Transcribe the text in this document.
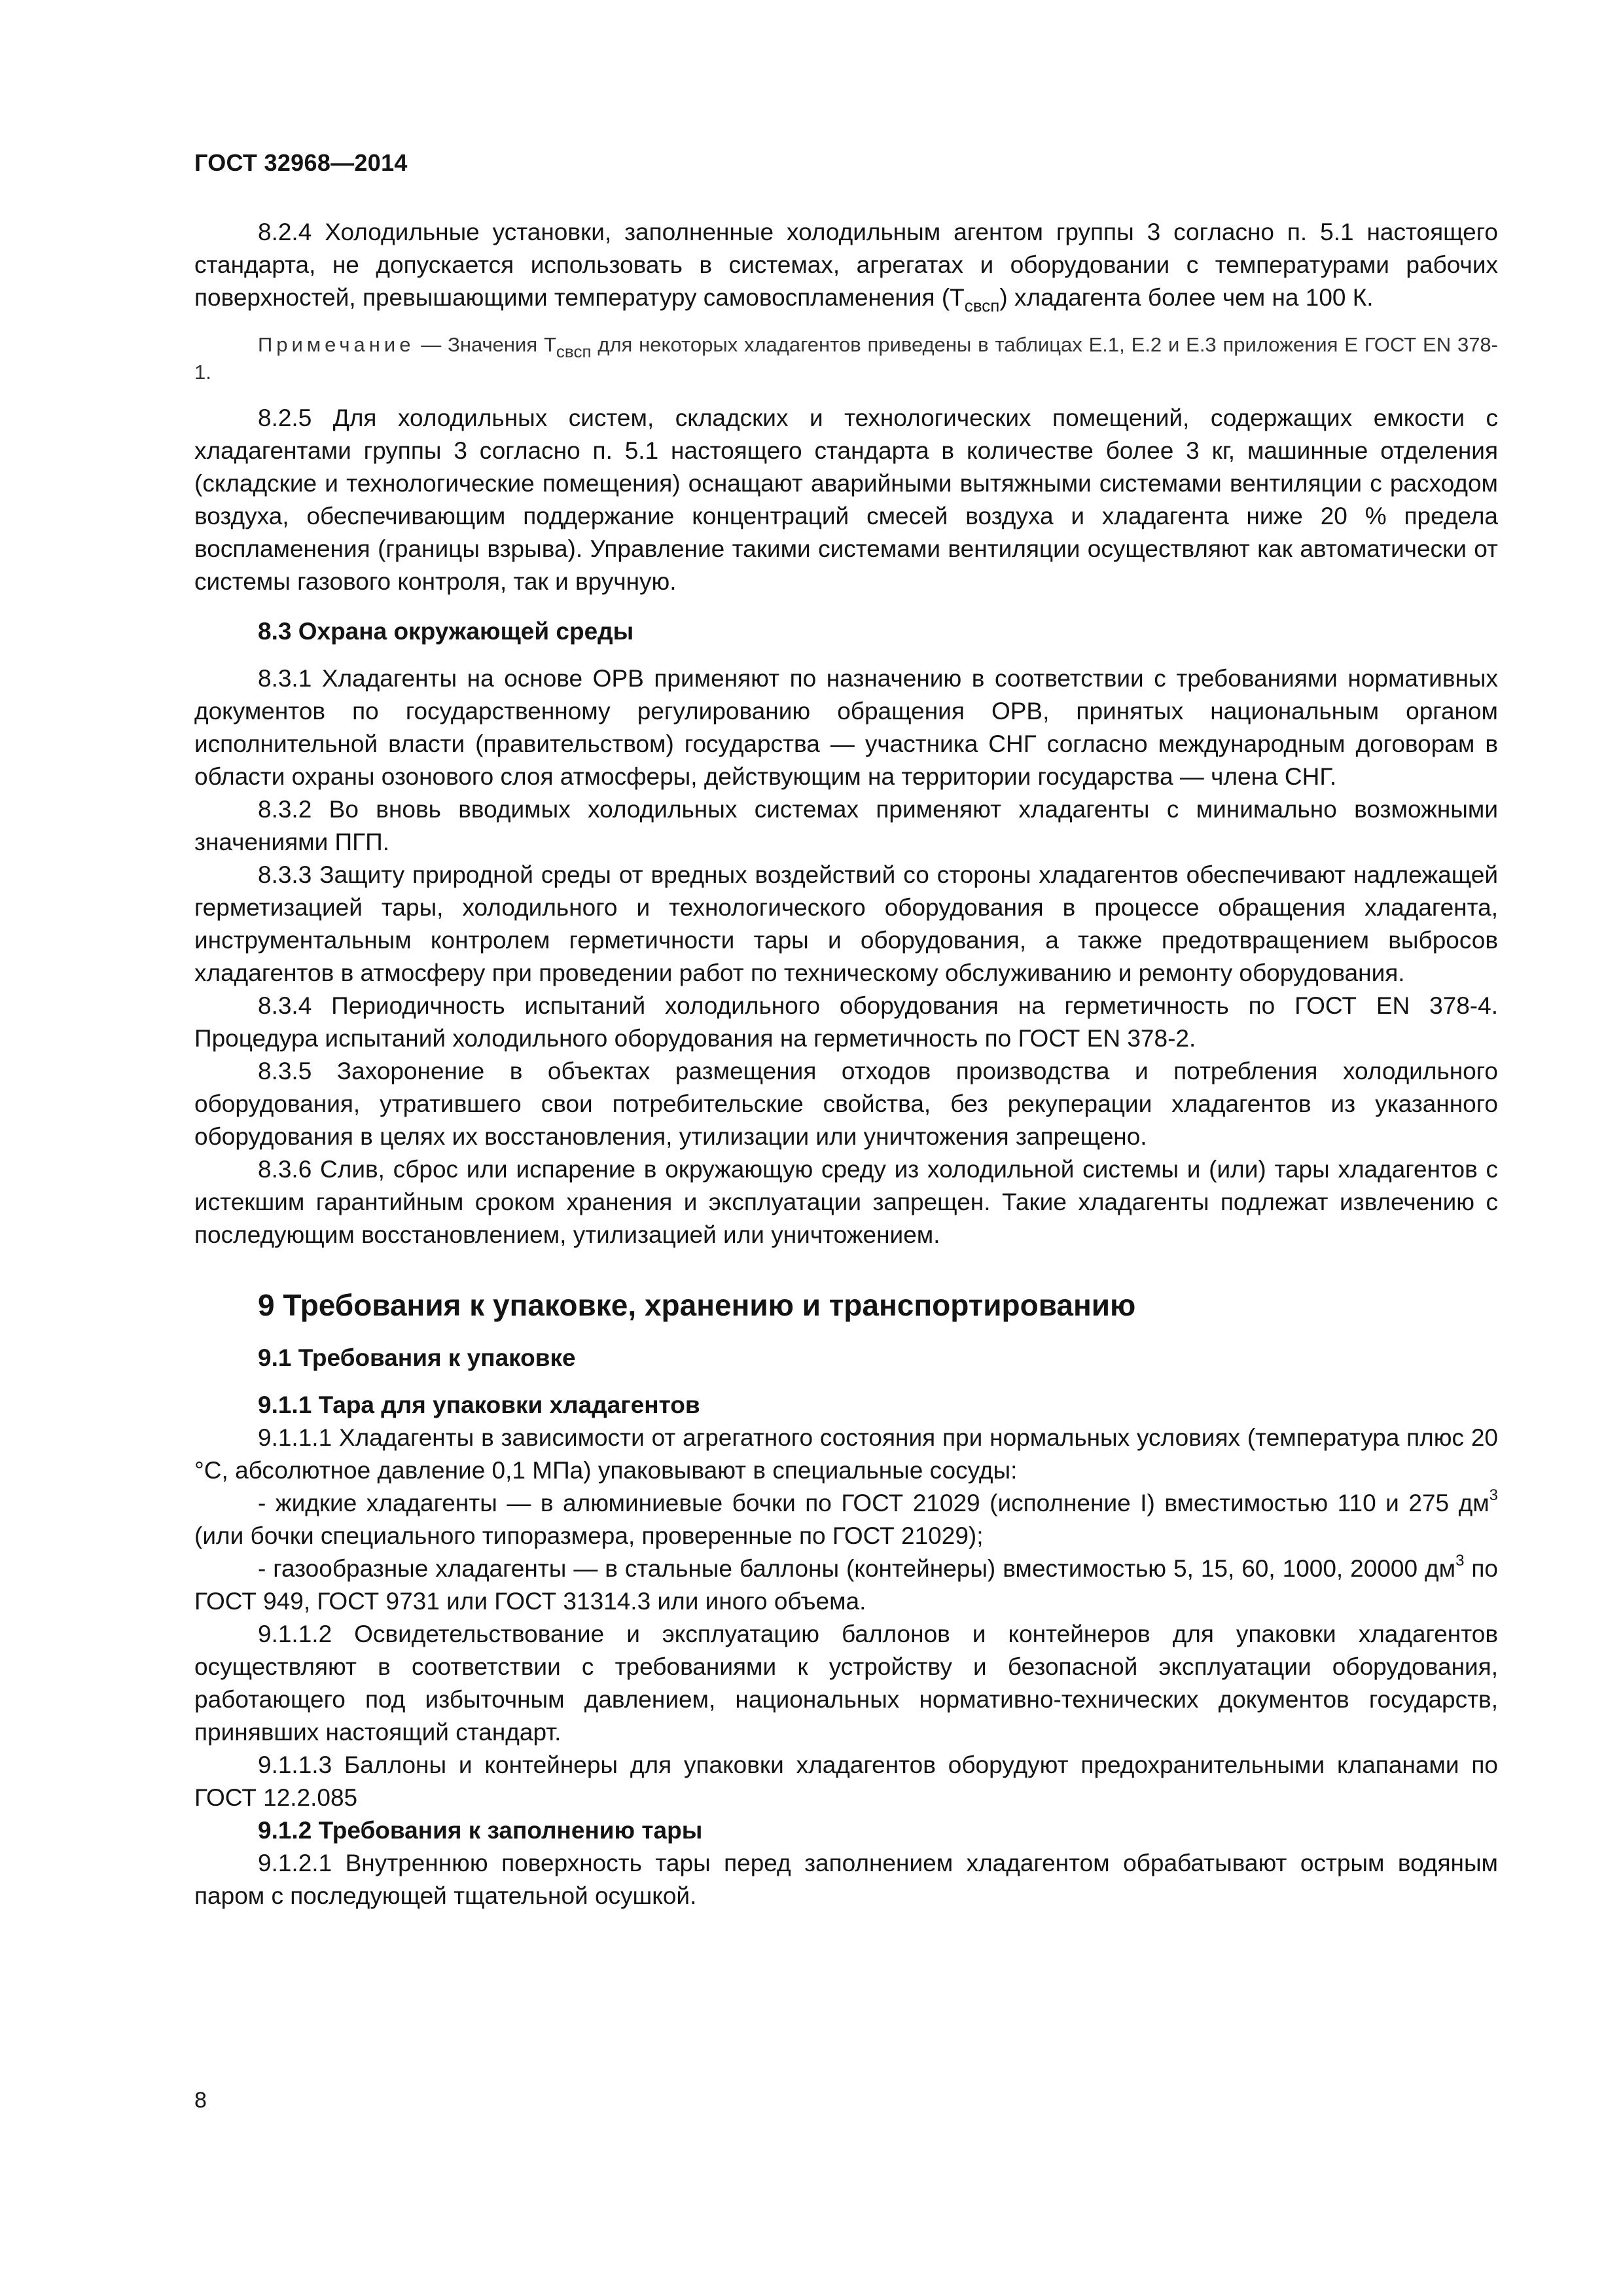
ГОСТ 32968—2014

8.2.4 Холодильные установки, заполненные холодильным агентом группы 3 согласно п. 5.1 настоящего стандарта, не допускается использовать в системах, агрегатах и оборудовании с температурами рабочих поверхностей, превышающими температуру самовоспламенения $(Т_{свсп})$ хладагента более чем на 100 К.

Примечание — Значения $Т_{свсп}$ для некоторых хладагентов приведены в таблицах Е.1, Е.2 и Е.3 приложения Е ГОСТ EN 378-1.

8.2.5 Для холодильных систем, складских и технологических помещений, содержащих емкости с хладагентами группы 3 согласно п. 5.1 настоящего стандарта в количестве более 3 кг, машинные отделения (складские и технологические помещения) оснащают аварийными вытяжными системами вентиляции с расходом воздуха, обеспечивающим поддержание концентраций смесей воздуха и хладагента ниже 20 % предела воспламенения (границы взрыва). Управление такими системами вентиляции осуществляют как автоматически от системы газового контроля, так и вручную.

8.3 Охрана окружающей среды

8.3.1 Хладагенты на основе ОРВ применяют по назначению в соответствии с требованиями нормативных документов по государственному регулированию обращения ОРВ, принятых национальным органом исполнительной власти (правительством) государства — участника СНГ согласно международным договорам в области охраны озонового слоя атмосферы, действующим на территории государства — члена СНГ.

8.3.2 Во вновь вводимых холодильных системах применяют хладагенты с минимально возможными значениями ПГП.

8.3.3 Защиту природной среды от вредных воздействий со стороны хладагентов обеспечивают надлежащей герметизацией тары, холодильного и технологического оборудования в процессе обращения хладагента, инструментальным контролем герметичности тары и оборудования, а также предотвращением выбросов хладагентов в атмосферу при проведении работ по техническому обслуживанию и ремонту оборудования.

8.3.4 Периодичность испытаний холодильного оборудования на герметичность по ГОСТ EN 378-4. Процедура испытаний холодильного оборудования на герметичность по ГОСТ EN 378-2.

8.3.5 Захоронение в объектах размещения отходов производства и потребления холодильного оборудования, утратившего свои потребительские свойства, без рекуперации хладагентов из указанного оборудования в целях их восстановления, утилизации или уничтожения запрещено.

8.3.6 Слив, сброс или испарение в окружающую среду из холодильной системы и (или) тары хладагентов с истекшим гарантийным сроком хранения и эксплуатации запрещен. Такие хладагенты подлежат извлечению с последующим восстановлением, утилизацией или уничтожением.

9 Требования к упаковке, хранению и транспортированию
9.1 Требования к упаковке
9.1.1 Тара для упаковки хладагентов

9.1.1.1 Хладагенты в зависимости от агрегатного состояния при нормальных условиях (температура плюс 20 °С, абсолютное давление 0,1 МПа) упаковывают в специальные сосуды:

- жидкие хладагенты — в алюминиевые бочки по ГОСТ 21029 (исполнение I) вместимостью 110 и 275 $дм^3$ (или бочки специального типоразмера, проверенные по ГОСТ 21029);

- газообразные хладагенты — в стальные баллоны (контейнеры) вместимостью 5, 15, 60, 1000, 20000 $дм^3$ по ГОСТ 949, ГОСТ 9731 или ГОСТ 31314.3 или иного объема.

9.1.1.2 Освидетельствование и эксплуатацию баллонов и контейнеров для упаковки хладагентов осуществляют в соответствии с требованиями к устройству и безопасной эксплуатации оборудования, работающего под избыточным давлением, национальных нормативно-технических документов государств, принявших настоящий стандарт.

9.1.1.3 Баллоны и контейнеры для упаковки хладагентов оборудуют предохранительными клапанами по ГОСТ 12.2.085

9.1.2 Требования к заполнению тары

9.1.2.1 Внутреннюю поверхность тары перед заполнением хладагентом обрабатывают острым водяным паром с последующей тщательной осушкой.

8
